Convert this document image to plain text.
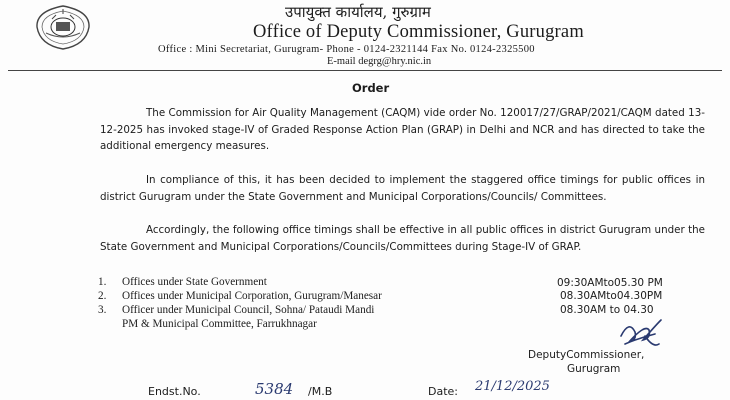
उपायुक्त कार्यालय, गुरुग्राम
Office of Deputy Commissioner, Gurugram
Office : Mini Secretariat, Gurugram- Phone - 0124-2321144 Fax No. 0124-2325500
E-mail degrg@hry.nic.in
Order

The Commission for Air Quality Management (CAQM) vide order No. 120017/27/GRAP/2021/CAQM dated 13-12-2025 has invoked stage-IV of Graded Response Action Plan (GRAP) in Delhi and NCR and has directed to take the additional emergency measures.

In compliance of this, it has been decided to implement the staggered office timings for public offices in district Gurugram under the State Government and Municipal Corporations/Councils/ Committees.

Accordingly, the following office timings shall be effective in all public offices in district Gurugram under the State Government and Municipal Corporations/Councils/Committees during Stage-IV of GRAP.

1. Offices under State Government
2. Offices under Municipal Corporation, Gurugram/Manesar
3. Officer under Municipal Council, Sohna/ Pataudi Mandi
PM & Municipal Committee, Farrukhnagar
09:30AMto05.30 PM
08.30AMto04.30PM
08.30AM to 04.30
DeputyCommissioner,
Gurugram
Endst.No.	5384 /M.B	Date: 21/12/2025
